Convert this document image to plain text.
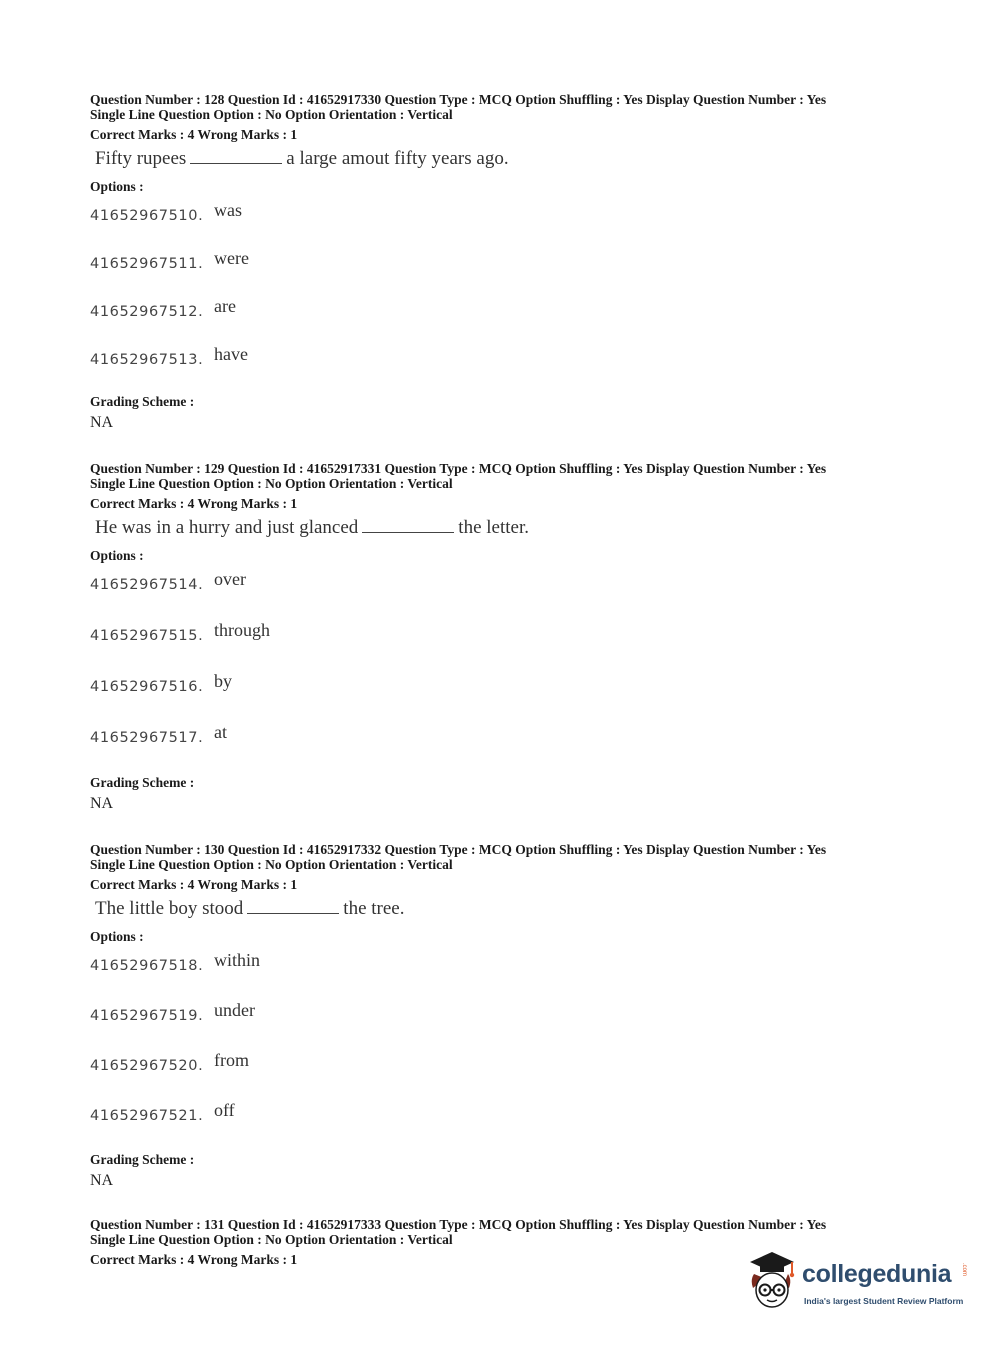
Question Number : 128 Question Id : 41652917330 Question Type : MCQ Option Shuffling : Yes Display Question Number : Yes
Single Line Question Option : No Option Orientation : Vertical
Correct Marks : 4 Wrong Marks : 1
Fifty rupees	a large amout fifty years ago.
Options :
41652967510. was
41652967511. were
41652967512. are
41652967513. have
Grading Scheme :
NA
Question Number : 129 Question Id : 41652917331 Question Type : MCQ Option Shuffling : Yes Display Question Number : Yes
Single Line Question Option : No Option Orientation : Vertical
Correct Marks : 4 Wrong Marks : 1
He was in a hurry and just glanced	the letter.
Options :
41652967514. over
41652967515. through
41652967516. by
41652967517. at
Grading Scheme :
NA
Question Number : 130 Question Id : 41652917332 Question Type : MCQ Option Shuffling : Yes Display Question Number : Yes
Single Line Question Option : No Option Orientation : Vertical
Correct Marks : 4 Wrong Marks : 1
The little boy stood	the tree.
Options :
41652967518. within
41652967519. under
41652967520. from
41652967521. off
Grading Scheme :
NA
Question Number : 131 Question Id : 41652917333 Question Type : MCQ Option Shuffling : Yes Display Question Number : Yes
Single Line Question Option : No Option Orientation : Vertical
Correct Marks : 4 Wrong Marks : 1
collegedunia .com
India's largest Student Review Platform
